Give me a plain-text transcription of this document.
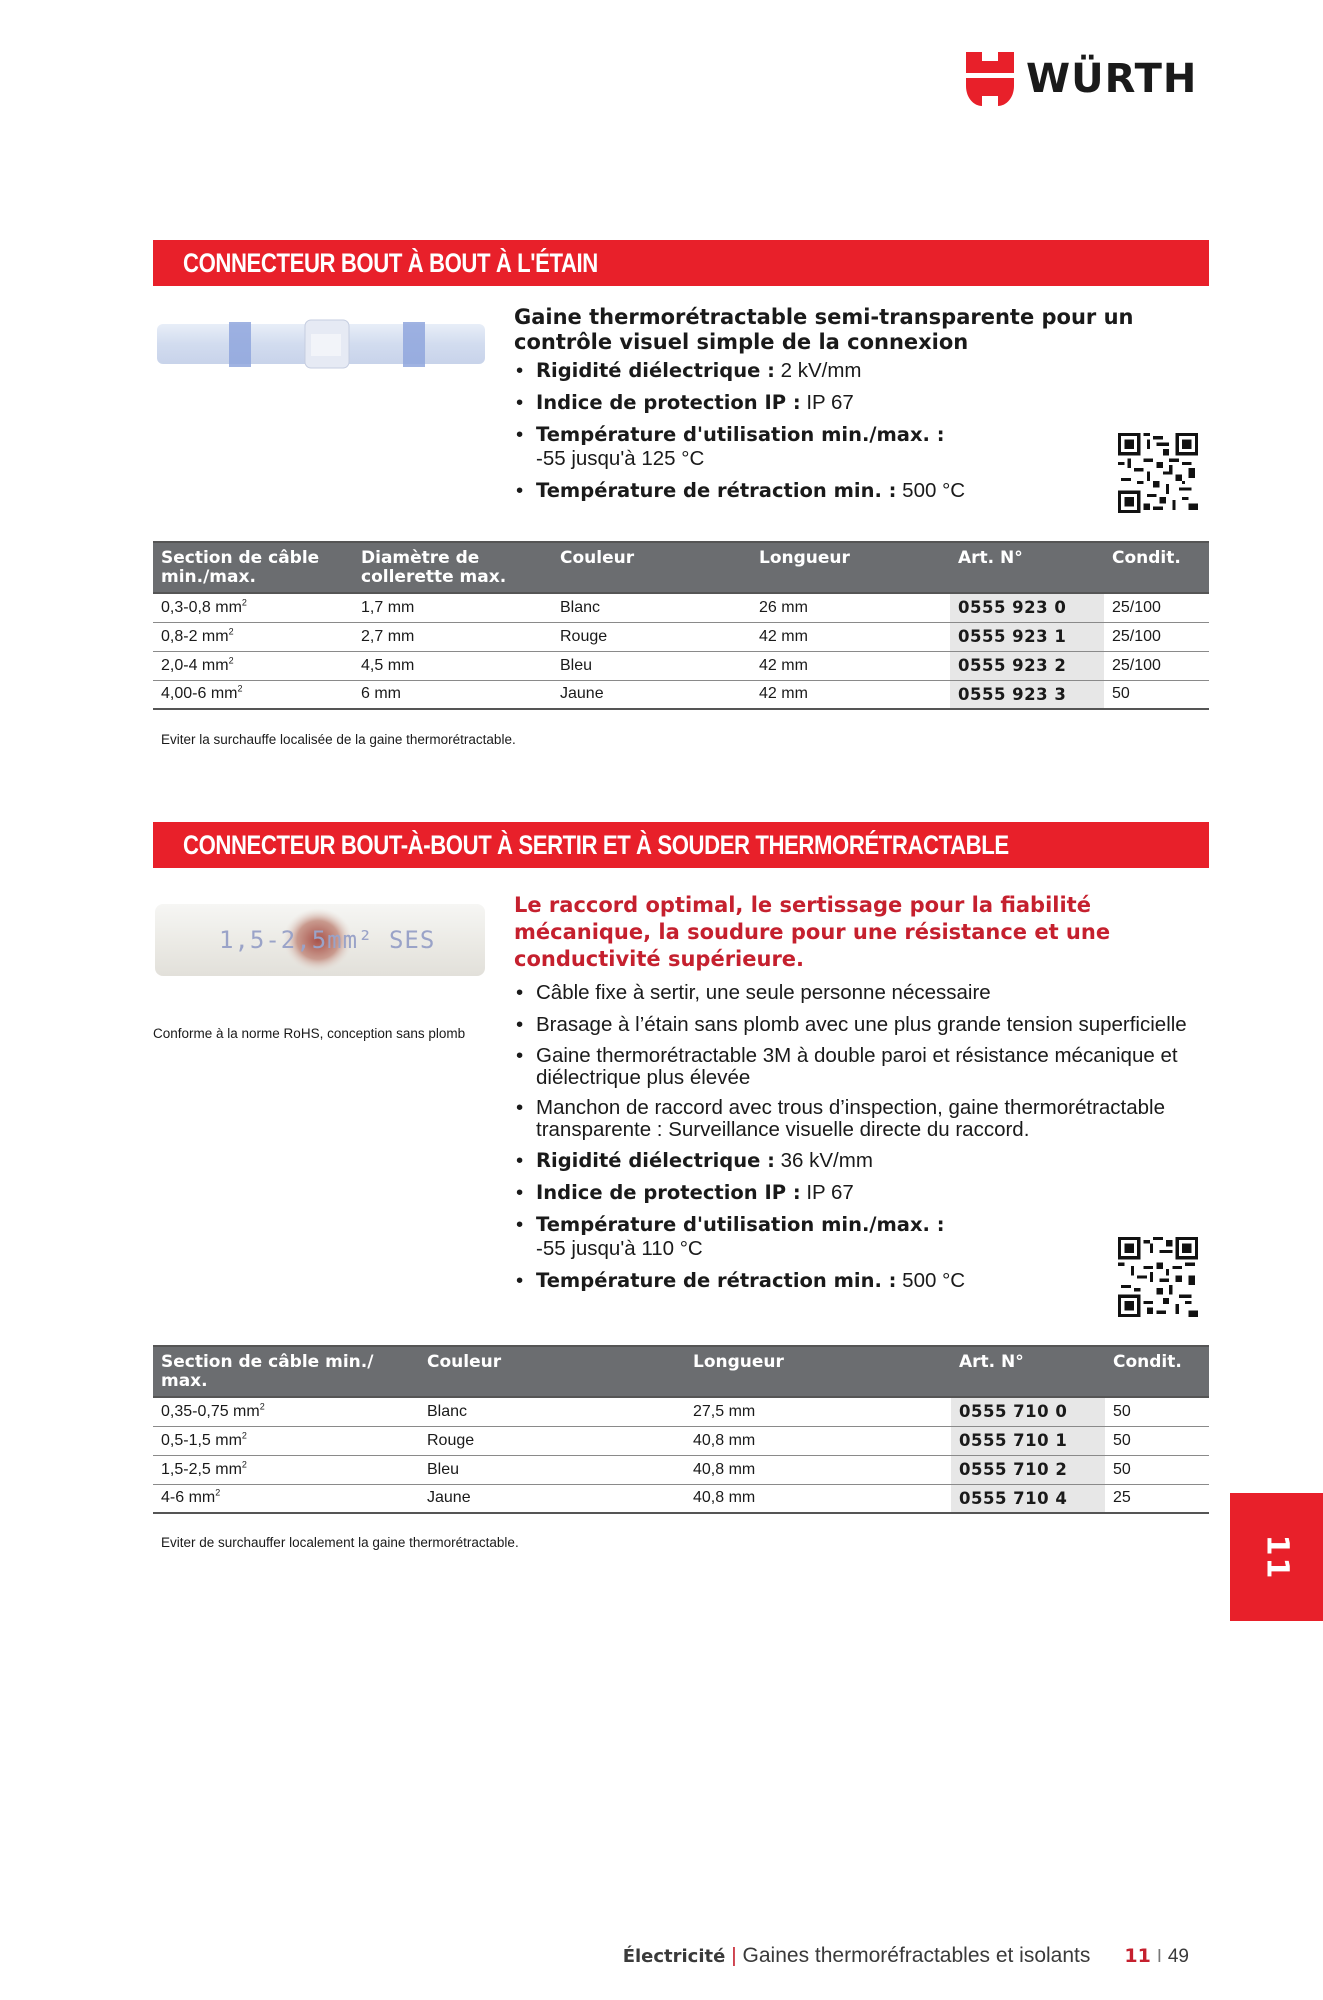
WÜRTH
CONNECTEUR BOUT À BOUT À L'ÉTAIN

Gaine thermorétractable semi-transparente pour un contrôle visuel simple de la connexion

• Rigidité diélectrique : 2 kV/mm
• Indice de protection IP : IP 67
• Température d'utilisation min./max. :
-55 jusqu'à 125 °C
• Température de rétraction min. : 500 °C
Section de câble min./max.	Diamètre de collerette max.	Couleur	Longueur	Art. N°	Condit.
0,3-0,8 $mm^2$	1,7 mm	Blanc	26 mm	0555 923 0	25/100
0,8-2 $mm^2$	2,7 mm	Rouge	42 mm	0555 923 1	25/100
2,0-4 $mm^2$	4,5 mm	Bleu	42 mm	0555 923 2	25/100
4,00-6 $mm^2$	6 mm	Jaune	42 mm	0555 923 3	50

Eviter la surchauffe localisée de la gaine thermorétractable.

CONNECTEUR BOUT-À-BOUT À SERTIR ET À SOUDER THERMORÉTRACTABLE
1,5-2,5mm² SES

Conforme à la norme RoHS, conception sans plomb

Le raccord optimal, le sertissage pour la fiabilité mécanique, la soudure pour une résistance et une conductivité supérieure.

• Câble fixe à sertir, une seule personne nécessaire
• Brasage à l’étain sans plomb avec une plus grande tension superficielle
• Gaine thermorétractable 3M à double paroi et résistance mécanique et diélectrique plus élevée
• Manchon de raccord avec trous d’inspection, gaine thermorétractable transparente : Surveillance visuelle directe du raccord.
• Rigidité diélectrique : 36 kV/mm
• Indice de protection IP : IP 67
• Température d'utilisation min./max. :
-55 jusqu'à 110 °C
• Température de rétraction min. : 500 °C
Section de câble min./ max.	Couleur	Longueur	Art. N°	Condit.
0,35-0,75 $mm^2$	Blanc	27,5 mm	0555 710 0	50
0,5-1,5 $mm^2$	Rouge	40,8 mm	0555 710 1	50
1,5-2,5 $mm^2$	Bleu	40,8 mm	0555 710 2	50
4-6 $mm^2$	Jaune	40,8 mm	0555 710 4	25

Eviter de surchauffer localement la gaine thermorétractable.	11
Électricité | Gaines thermoréfractables et isolants 11 I 49
